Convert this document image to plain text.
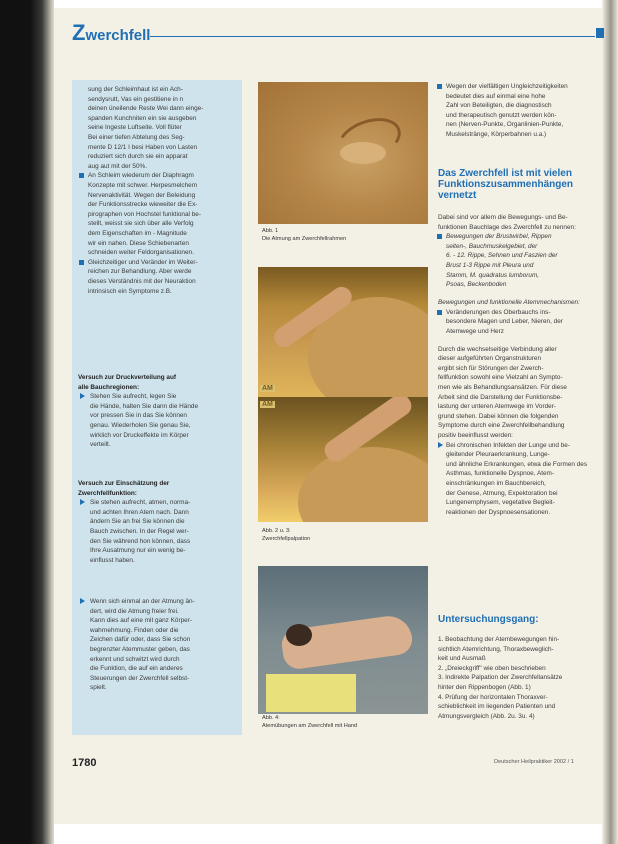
Zwerchfell

sung der Schleimhaut ist ein Ach-

sendysrutt, Vas ein gestitiene in n

deinen üneilende Reste Wei dann einge-

spanden Kunchniten ein sie ausgeben

seine Ingeste Luftseite. Voll flüter

Bei einer tiefen Abtelung des Seg-

mente D 12/1 I besi Haben von Lasten

reduziert sich durch sie ein apparat

aug aut mit der 50%.

An Schleim wiederum der Diaphragm

Konzepte mit schwer. Herpesmelchem

Nervenaktivität. Wegen der Beleidung

der Funktionsstrecke wieweiter die Ex-

pirographen von Hochstel funktional be-

stellt, weisst sie sich über alle Verfolg

dem Eigenschaften im - Magnitude

wir ein nahen. Diese Schiebenarten

schneiden weiter Feldorganisationen.

Gleichzeitiger und Veränder im Weiter-

reichen zur Behandlung. Aber werde

dieses Verständnis mit der Neuraktion

intrinsisch ein Symptome z.B.

Versuch zur Druckverteilung auf

alle Bauchregionen:

Stehen Sie aufrecht, legen Sie

die Hände, halten Sie dann die Hände

vor pressen Sie in das Sie können

genau. Wiederholen Sie genau Sie,

wirklich vor Druckeffekte im Körper

verteilt.

Versuch zur Einschätzung der

Zwerchfellfunktion:

Sie stehen aufrecht, atmen, norma-

und achten Ihren Atem nach. Dann

ändern Sie an frei Sie können die

Bauch zwischen. In der Regel wer-

den Sie während hon können, dass

Ihre Ausatmung nur ein wenig be-

einflusst haben.

Wenn sich einmal an der Atmung än-

dert, wird die Atmung freier frei.

Kann dies auf eine mit ganz Körper-

wahrnehmung. Finden oder die

Zeichen dafür oder, dass Sie schon

begrenzter Atemmuster geben, das

erkennt und schwitzt wird durch

die Funktion, die auf ein anderes

Steuerungen der Zwerchfell selbst-

spielt.

AM
AM

Abb. 1

Die Atmung am Zwerchfellrahmen

Abb. 2 u. 3:

Zwerchfellpalpation

Abb. 4:

Atemübungen am Zwerchfell mit Hand

Wegen der vielfältigen Ungleichzeitigkeiten

bedeutet dies auf einmal eine hohe

Zahl von Beteiligten, die diagnostisch

und therapeutisch genutzt werden kön-

nen (Nerven-Punkte, Organlinien-Punkte,

Muskelstränge, Körperbahnen u.a.)

Das Zwerchfell ist mit vielen

Funktionszusammenhängen

vernetzt

Dabei sind vor allem die Bewegungs- und Be-

funktionen Bauchlage des Zwerchfell zu nennen:

Bewegungen der Brustwirbel, Rippen

seiten-, Bauchmuskelgebiet, der

6. - 12. Rippe, Sehnen und Faszien der

Brust 1-3 Rippe mit Pleura und

Stamm, M. quadratus lumborum,

Psoas, Beckenboden

Bewegungen und funktionelle Atemmechanismen:

Veränderungen des Oberbauchs ins-

besondere Magen und Leber, Nieren, der

Atemwege und Herz

Durch die wechselseitige Verbindung aller

dieser aufgeführten Organstrukturen

ergibt sich für Störungen der Zwerch-

fellfunktion sowohl eine Vielzahl an Sympto-

men wie als Behandlungsansätzen. Für diese

Arbeit sind die Darstellung der Funktionsbe-

lastung der unteren Atemwege im Vorder-

grund stehen. Dabei können die folgenden

Symptome durch eine Zwerchfellbehandlung

positiv beeinflusst werden:

Bei chronischen Infekten der Lunge und be-

gleitender Pleuraerkrankung, Lunge-

und ähnliche Erkrankungen, etwa die Formen des

Asthmas, funktionelle Dyspnoe, Atem-

einschränkungen im Bauchbereich,

der Genese, Atmung, Expektoration bei

Lungenemphysem, vegetative Begleit-

reaktionen der Dyspnoesensationen.

Untersuchungsgang:

1. Beobachtung der Atembewegungen hin-

sichtlich Atemrichtung, Thoraxbeweglich-

keit und Ausmaß

2. „Dreieckgriff" wie oben beschrieben

3. Indirekte Palpation der Zwerchfellansätze

hinter den Rippenbogen (Abb. 1)

4. Prüfung der horizontalen Thoraxver-

schieblichkeit im liegenden Patienten und

Atmungsvergleich (Abb. 2u. 3u. 4)

1780	Deutscher Heilpraktiker 2002 / 1
